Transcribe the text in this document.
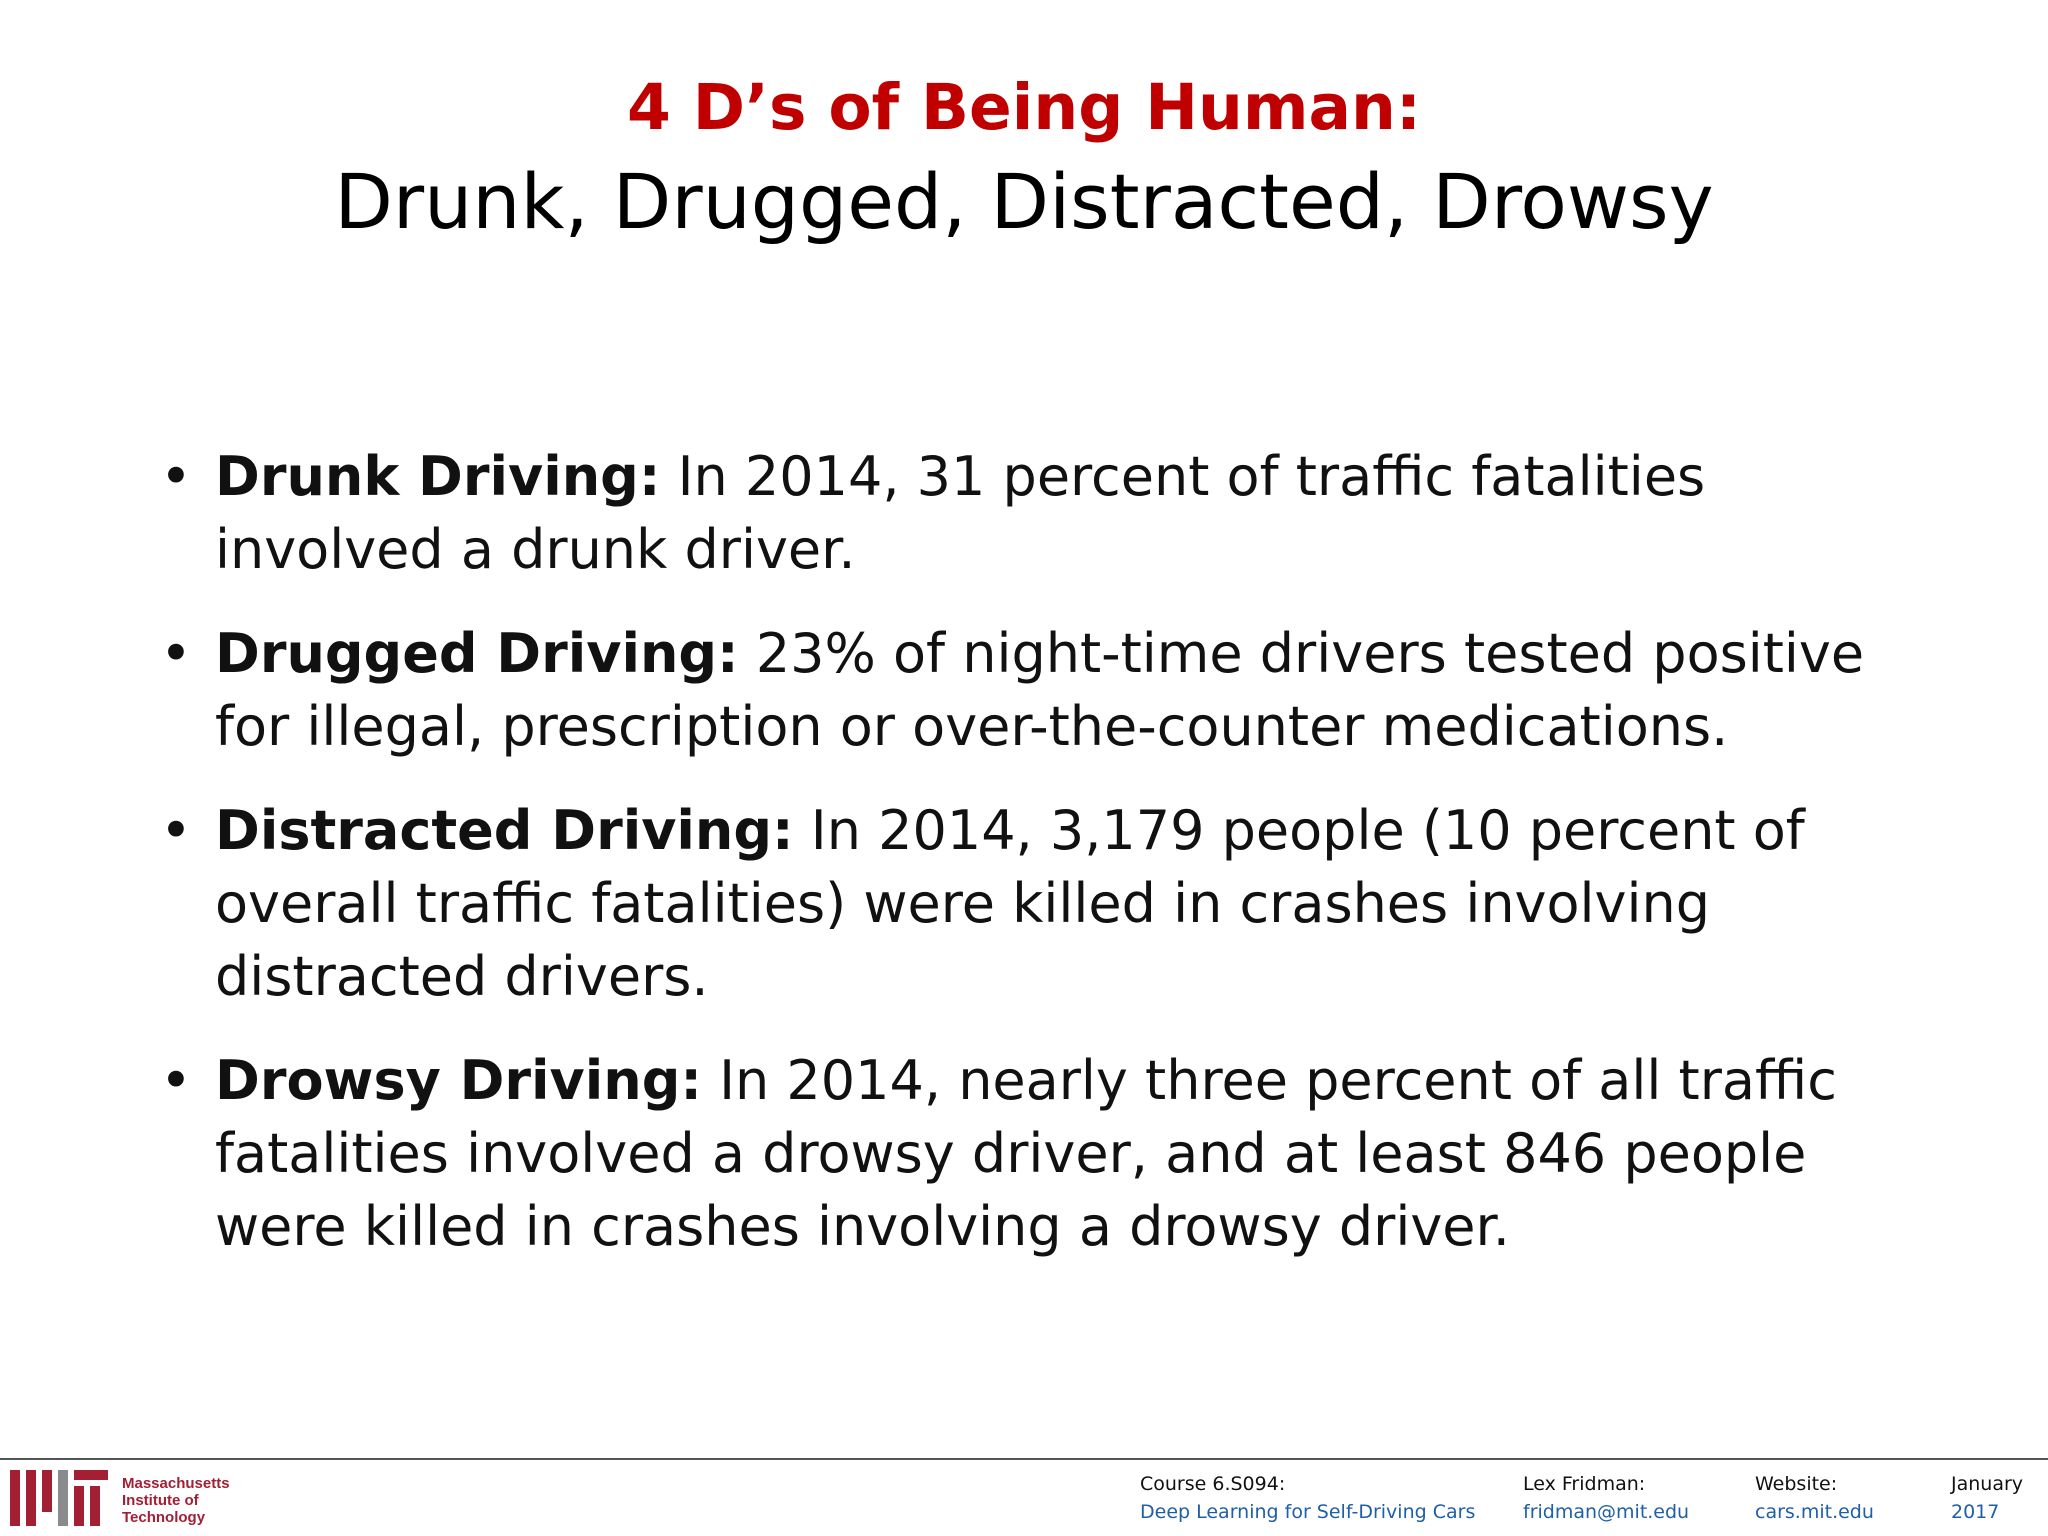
4 D’s of Being Human:
Drunk, Drugged, Distracted, Drowsy
• Drunk Driving: In 2014, 31 percent of traffic fatalities involved a drunk driver.
• Drugged Driving: 23% of night-time drivers tested positive for illegal, prescription or over-the-counter medications.
• Distracted Driving: In 2014, 3,179 people (10 percent of overall traffic fatalities) were killed in crashes involving distracted drivers.
• Drowsy Driving: In 2014, nearly three percent of all traffic fatalities involved a drowsy driver, and at least 846 people were killed in crashes involving a drowsy driver.
Massachusetts
Institute of
Technology
Course 6.S094:
Deep Learning for Self-Driving Cars
Lex Fridman:
fridman@mit.edu
Website:
cars.mit.edu
January
2017
